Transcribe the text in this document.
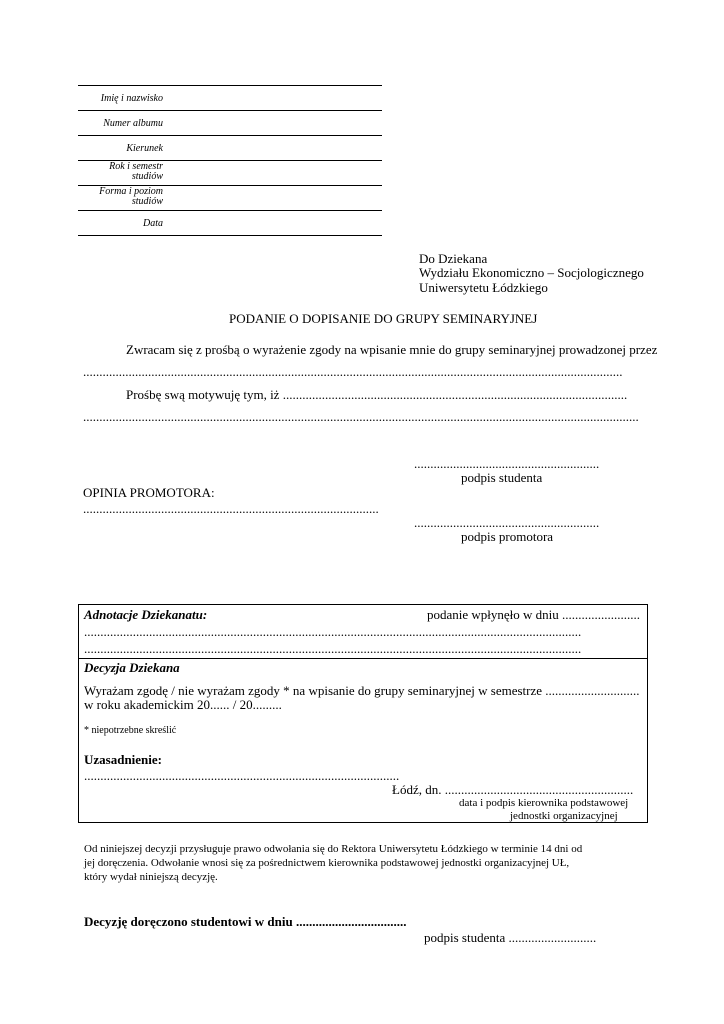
Imię i nazwisko
Numer albumu
Kierunek
Rok i semestr studiów
Forma i poziom studiów
Data
Do Dziekana
Wydziału Ekonomiczno – Socjologicznego
Uniwersytetu Łódzkiego
PODANIE O DOPISANIE DO GRUPY SEMINARYJNEJ
Zwracam się z prośbą o wyrażenie zgody na wpisanie mnie do grupy seminaryjnej prowadzonej przez
......................................................................................................................................................................
Prośbę swą motywuję tym, iż ..........................................................................................................
...........................................................................................................................................................................
.........................................................
podpis studenta
OPINIA PROMOTORA:
...........................................................................................
.........................................................
podpis promotora
Adnotacje Dziekanatu:	podanie wpłynęło w dniu ........................
.........................................................................................................................................................
.........................................................................................................................................................
Decyzja Dziekana
Wyrażam zgodę / nie wyrażam zgody * na wpisanie do grupy seminaryjnej w semestrze .............................
w roku akademickim 20...... / 20.........
* niepotrzebne skreślić
Uzasadnienie:
.................................................................................................
Łódź, dn. ..........................................................
data i podpis kierownika podstawowej
jednostki organizacyjnej
Od niniejszej decyzji przysługuje prawo odwołania się do Rektora Uniwersytetu Łódzkiego w terminie 14 dni od
jej doręczenia. Odwołanie wnosi się za pośrednictwem kierownika podstawowej jednostki organizacyjnej UŁ,
który wydał niniejszą decyzję.
Decyzję doręczono studentowi w dniu ..................................
podpis studenta ...........................
